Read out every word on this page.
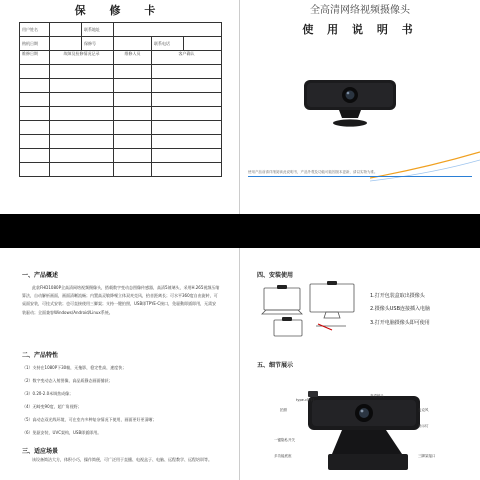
保 修 卡
用户姓名		联系地址			
购机日期		保修号		联系电话	
维修日期	故障及检修情况记录		维修人员	客户确认	

全高清网络视频摄像头
使 用 说 明 书
使用产品前请详细阅读此说明书，产品外观及功能可能因版本更新，请以实物为准。
一、产品概述
此款FHD1080P全高清网络视频摄像头，搭载数字变动态图像传感器，高清5玻璃头，采用H.265视频压缩算法，自动解析画面，画面清晰流畅；内置高灵敏降噪立体双麦克风，拾音距离长；可水平360度自由旋转，可桌面安装，可挂式安装；也可直接使用三脚架；支持一键拍照，USB即TPYE-C接口，免驱動即插即用，无需安装驱动；全面兼容Windows/Android/Linux系统。
二、产品特性
（1）支持在1080P下30帧，无拖影，稳定性高，速度快；
（2）数字变动态入射图像，高品质静态画面捕获；
（3）0.2δ-2.0米调焦成像；
（4）无畸变90度，超广角视野；
（5）高动态双光线环境，可在室内多种复杂情况下使用，画面更好更清晰；
（6）免驱安装，UVC架构，USB即插即用。
三、适应场景
该设备简洁大方，体积小巧，操作简便，可广泛用于直播、电视盒子、电脑、远程教学、远程培训等。
四、安装使用
1.打开包装盒取出摄像头
2.摄像头USB连接插入电脑
3.打开电脑摄像头即可使用
五、细节展示
type-c接口
高清镜头
拍照	麦克风
指示灯
一键隐私开关
多功能底座	三脚架接口
